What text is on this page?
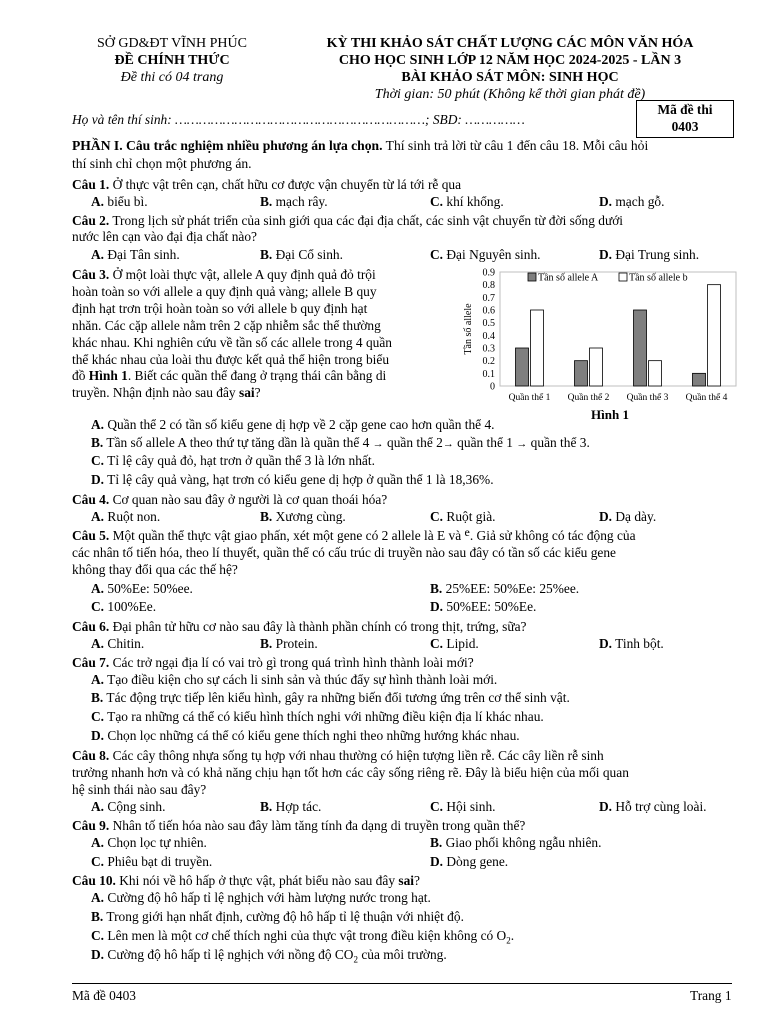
SỞ GD&ĐT VĨNH PHÚC
ĐỀ CHÍNH THỨC
Đề thi có 04 trang
KỲ THI KHẢO SÁT CHẤT LƯỢNG CÁC MÔN VĂN HÓA
CHO HỌC SINH LỚP 12 NĂM HỌC 2024-2025 - LẦN 3
BÀI KHẢO SÁT MÔN: SINH HỌC
Thời gian: 50 phút (Không kể thời gian phát đề)
Họ và tên thí sinh: ………………………………………………………; SBD: ……………
Mã đề thi
0403
PHẦN I. Câu trắc nghiệm nhiều phương án lựa chọn. Thí sinh trả lời từ câu 1 đến câu 18. Mỗi câu hỏi
thí sinh chỉ chọn một phương án.
Câu 1. Ở thực vật trên cạn, chất hữu cơ được vận chuyển từ lá tới rễ qua
A. biểu bì.	B. mạch rây.	C. khí khổng.	D. mạch gỗ.
Câu 2. Trong lịch sử phát triển của sinh giới qua các đại địa chất, các sinh vật chuyển từ đời sống dưới
nước lên cạn vào đại địa chất nào?
A. Đại Tân sinh.	B. Đại Cổ sinh.	C. Đại Nguyên sinh.	D. Đại Trung sinh.
Câu 3. Ở một loài thực vật, allele A quy định quả đỏ trội
hoàn toàn so với allele a quy định quả vàng; allele B quy
định hạt trơn trội hoàn toàn so với allele b quy định hạt
nhăn. Các cặp allele nằm trên 2 cặp nhiễm sắc thể thường
khác nhau. Khi nghiên cứu về tần số các allele trong 4 quần
thể khác nhau của loài thu được kết quả thể hiện trong biểu
đồ Hình 1. Biết các quần thể đang ở trạng thái cân bằng di
truyền. Nhận định nào sau đây sai?	0
0.1
0.2
0.3
0.4
0.5
0.6
0.7
0.8
0.9
Quần thể 1 Quần thể 2 Quần thể 3 Quần thể 4
Tần số allele A	Tần số allele b
Tần số allele
Hình 1
A. Quần thể 2 có tần số kiểu gene dị hợp về 2 cặp gene cao hơn quần thể 4.
B. Tần số allele A theo thứ tự tăng dần là quần thể 4 → quần thể 2→ quần thể 1 → quần thể 3.
C. Tỉ lệ cây quả đỏ, hạt trơn ở quần thể 3 là lớn nhất.
D. Tỉ lệ cây quả vàng, hạt trơn có kiểu gene dị hợp ở quần thể 1 là 18,36%.
Câu 4. Cơ quan nào sau đây ở người là cơ quan thoái hóa?
A. Ruột non.	B. Xương cùng.	C. Ruột già.	D. Dạ dày.
Câu 5. Một quần thể thực vật giao phấn, xét một gene có 2 allele là E và e. Giả sử không có tác động của
các nhân tố tiến hóa, theo lí thuyết, quần thể có cấu trúc di truyền nào sau đây có tần số các kiểu gene
không thay đổi qua các thế hệ?
A. 50%Ee: 50%ee.	B. 25%EE: 50%Ee: 25%ee.
C. 100%Ee.	D. 50%EE: 50%Ee.
Câu 6. Đại phân tử hữu cơ nào sau đây là thành phần chính có trong thịt, trứng, sữa?
A. Chitin.	B. Protein.	C. Lipid.	D. Tinh bột.
Câu 7. Các trở ngại địa lí có vai trò gì trong quá trình hình thành loài mới?
A. Tạo điều kiện cho sự cách li sinh sản và thúc đẩy sự hình thành loài mới.
B. Tác động trực tiếp lên kiểu hình, gây ra những biến đổi tương ứng trên cơ thể sinh vật.
C. Tạo ra những cá thể có kiểu hình thích nghi với những điều kiện địa lí khác nhau.
D. Chọn lọc những cá thể có kiểu gene thích nghi theo những hướng khác nhau.
Câu 8. Các cây thông nhựa sống tụ hợp với nhau thường có hiện tượng liền rễ. Các cây liền rễ sinh
trưởng nhanh hơn và có khả năng chịu hạn tốt hơn các cây sống riêng rẽ. Đây là biểu hiện của mối quan
hệ sinh thái nào sau đây?
A. Cộng sinh.	B. Hợp tác.	C. Hội sinh.	D. Hỗ trợ cùng loài.
Câu 9. Nhân tố tiến hóa nào sau đây làm tăng tính đa dạng di truyền trong quần thể?
A. Chọn lọc tự nhiên.	B. Giao phối không ngẫu nhiên.
C. Phiêu bạt di truyền.	D. Dòng gene.
Câu 10. Khi nói về hô hấp ở thực vật, phát biểu nào sau đây sai?
A. Cường độ hô hấp tỉ lệ nghịch với hàm lượng nước trong hạt.
B. Trong giới hạn nhất định, cường độ hô hấp tỉ lệ thuận với nhiệt độ.
C. Lên men là một cơ chế thích nghi của thực vật trong điều kiện không có $O_2$.
D. Cường độ hô hấp tỉ lệ nghịch với nồng độ $CO_2$ của môi trường.
Mã đề 0403	Trang 1
